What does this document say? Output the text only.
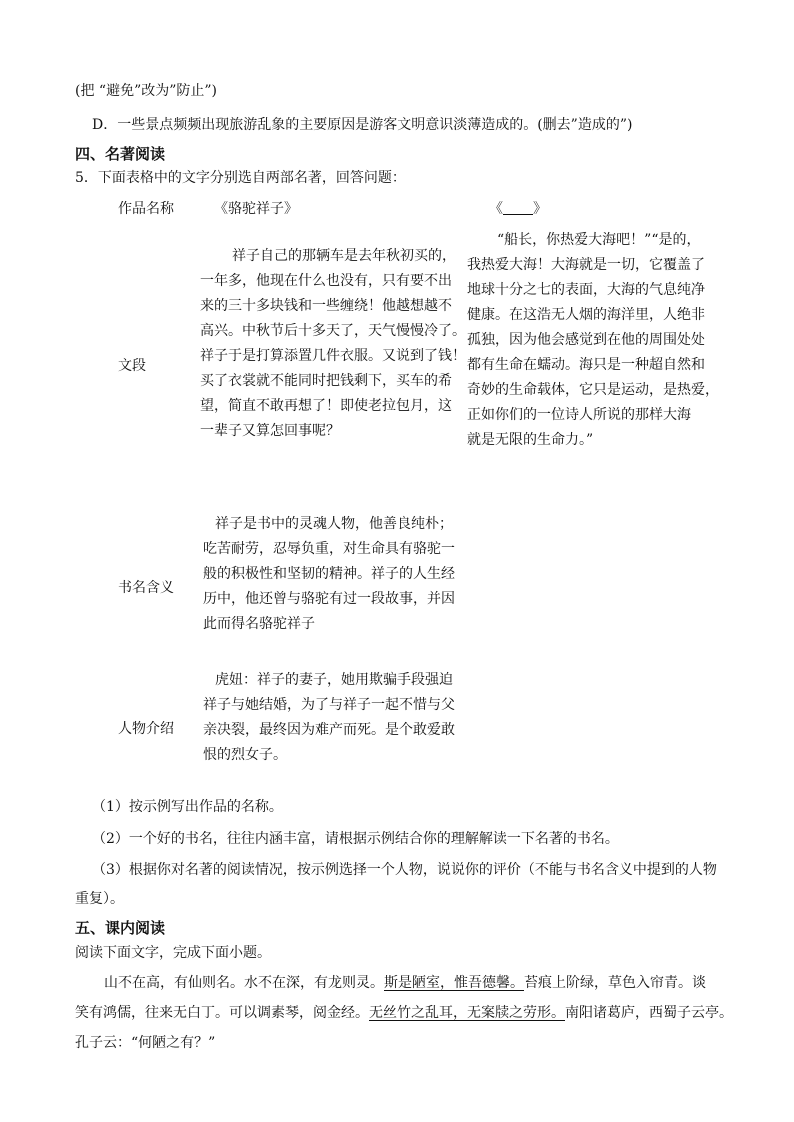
(把 “避免”改为”防止”)
D．一些景点频频出现旅游乱象的主要原因是游客文明意识淡薄造成的。(删去”造成的”)
四、名著阅读
5．下面表格中的文字分别选自两部名著，回答问题：
作品名称	《骆驼祥子》	《 》
文段

祥子自己的那辆车是去年秋初买的，

一年多，他现在什么也没有，只有要不出

来的三十多块钱和一些缠绕！他越想越不

高兴。中秋节后十多天了，天气慢慢冷了。

祥子于是打算添置几件衣服。又说到了钱！

买了衣裳就不能同时把钱剩下，买车的希

望，简直不敢再想了！即使老拉包月，这

一辈子又算怎回事呢？

“船长，你热爱大海吧！”“是的，

我热爱大海！大海就是一切，它覆盖了

地球十分之七的表面，大海的气息纯净

健康。在这浩无人烟的海洋里，人绝非

孤独，因为他会感觉到在他的周围处处

都有生命在蠕动。海只是一种超自然和

奇妙的生命载体，它只是运动，是热爱，

正如你们的一位诗人所说的那样大海

就是无限的生命力。”

书名含义

祥子是书中的灵魂人物，他善良纯朴；

吃苦耐劳，忍辱负重，对生命具有骆驼一

般的积极性和坚韧的精神。祥子的人生经

历中，他还曾与骆驼有过一段故事，并因

此而得名骆驼祥子

人物介绍

虎妞：祥子的妻子，她用欺骗手段强迫

祥子与她结婚，为了与祥子一起不惜与父

亲决裂，最终因为难产而死。是个敢爱敢

恨的烈女子。

（1）按示例写出作品的名称。
（2）一个好的书名，往往内涵丰富，请根据示例结合你的理解解读一下名著的书名。
（3）根据你对名著的阅读情况，按示例选择一个人物，说说你的评价（不能与书名含义中提到的人物
重复）。
五、课内阅读
阅读下面文字，完成下面小题。
山不在高，有仙则名。水不在深，有龙则灵。斯是陋室，惟吾德馨。苔痕上阶绿，草色入帘青。谈
笑有鸿儒，往来无白丁。可以调素琴，阅金经。无丝竹之乱耳，无案牍之劳形。南阳诸葛庐，西蜀子云亭。
孔子云：“何陋之有？”
